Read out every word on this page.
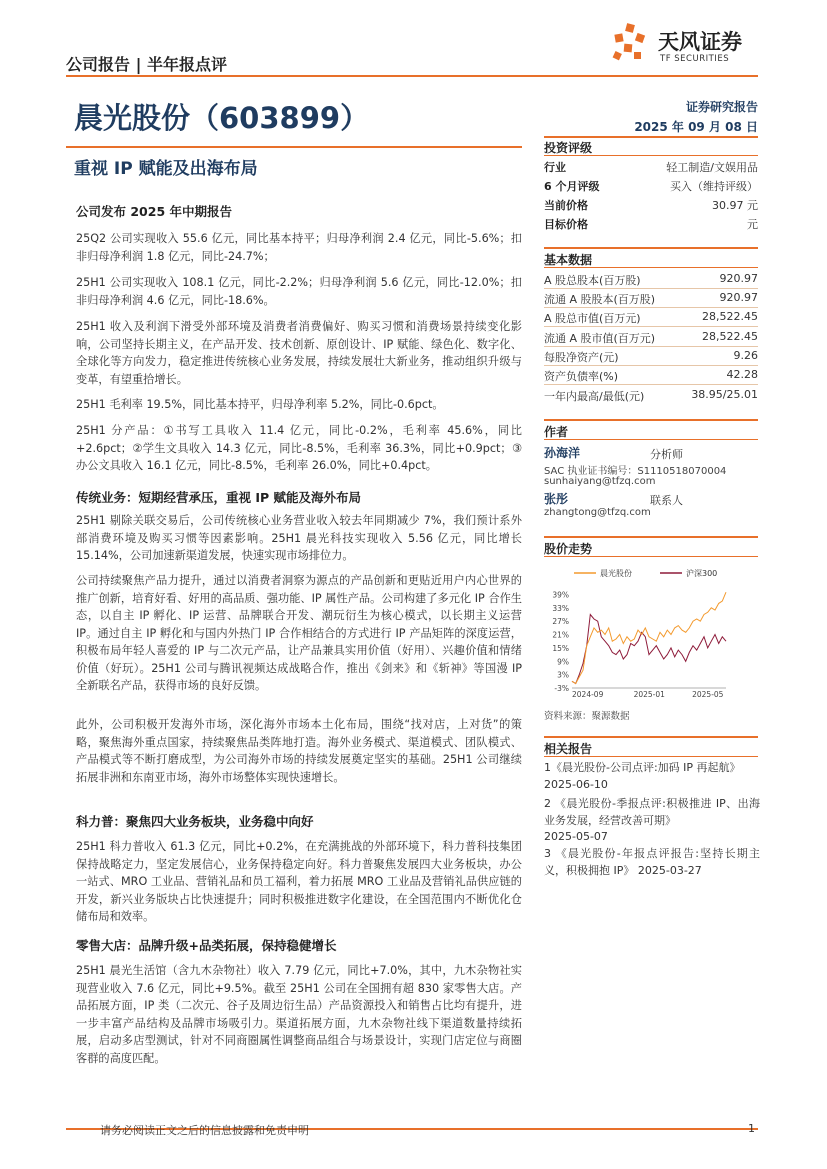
公司报告 | 半年报点评
天风证券
TF SECURITIES
晨光股份（603899）
重视 IP 赋能及出海布局
证券研究报告
2025 年 09 月 08 日
公司发布 2025 年中期报告
25Q2 公司实现收入 55.6 亿元，同比基本持平；归母净利润 2.4 亿元，同比-5.6%；扣非归母净利润 1.8 亿元，同比-24.7%；
25H1 公司实现收入 108.1 亿元，同比-2.2%；归母净利润 5.6 亿元，同比-12.0%；扣非归母净利润 4.6 亿元，同比-18.6%。
25H1 收入及利润下滑受外部环境及消费者消费偏好、购买习惯和消费场景持续变化影响，公司坚持长期主义，在产品开发、技术创新、原创设计、IP 赋能、绿色化、数字化、全球化等方向发力，稳定推进传统核心业务发展，持续发展壮大新业务，推动组织升级与变革，有望重拾增长。
25H1 毛利率 19.5%，同比基本持平，归母净利率 5.2%，同比-0.6pct。
25H1 分产品：①书写工具收入 11.4 亿元，同比-0.2%，毛利率 45.6%，同比+2.6pct；②学生文具收入 14.3 亿元，同比-8.5%，毛利率 36.3%，同比+0.9pct；③办公文具收入 16.1 亿元，同比-8.5%，毛利率 26.0%，同比+0.4pct。
传统业务：短期经营承压，重视 IP 赋能及海外布局
25H1 剔除关联交易后，公司传统核心业务营业收入较去年同期减少 7%，我们预计系外部消费环境及购买习惯等因素影响。25H1 晨光科技实现收入 5.56 亿元，同比增长 15.14%，公司加速新渠道发展，快速实现市场排位力。
公司持续聚焦产品力提升，通过以消费者洞察为源点的产品创新和更贴近用户内心世界的推广创新，培育好看、好用的高品质、强功能、IP 属性产品。公司构建了多元化 IP 合作生态，以自主 IP 孵化、IP 运营、品牌联合开发、潮玩衍生为核心模式，以长期主义运营 IP。通过自主 IP 孵化和与国内外热门 IP 合作相结合的方式进行 IP 产品矩阵的深度运营，积极布局年轻人喜爱的 IP 与二次元产品，让产品兼具实用价值（好用）、兴趣价值和情绪价值（好玩）。25H1 公司与腾讯视频达成战略合作，推出《剑来》和《斩神》等国漫 IP 全新联名产品，获得市场的良好反馈。
此外，公司积极开发海外市场，深化海外市场本土化布局，围绕“找对店，上对货”的策略，聚焦海外重点国家，持续聚焦品类阵地打造。海外业务模式、渠道模式、团队模式、产品模式等不断打磨成型，为公司海外市场的持续发展奠定坚实的基础。25H1 公司继续拓展非洲和东南亚市场，海外市场整体实现快速增长。
科力普：聚焦四大业务板块，业务稳中向好
25H1 科力普收入 61.3 亿元，同比+0.2%，在充满挑战的外部环境下，科力普科技集团保持战略定力，坚定发展信心，业务保持稳定向好。科力普聚焦发展四大业务板块，办公一站式、MRO 工业品、营销礼品和员工福利，着力拓展 MRO 工业品及营销礼品供应链的开发，新兴业务版块占比快速提升；同时积极推进数字化建设，在全国范围内不断优化仓储布局和效率。
零售大店：品牌升级+品类拓展，保持稳健增长
25H1 晨光生活馆（含九木杂物社）收入 7.79 亿元，同比+7.0%，其中，九木杂物社实现营业收入 7.6 亿元，同比+9.5%。截至 25H1 公司在全国拥有超 830 家零售大店。产品拓展方面，IP 类（二次元、谷子及周边衍生品）产品资源投入和销售占比均有提升，进一步丰富产品结构及品牌市场吸引力。渠道拓展方面，九木杂物社线下渠道数量持续拓展，启动多店型测试，针对不同商圈属性调整商品组合与场景设计，实现门店定位与商圈客群的高度匹配。
投资评级
行业	轻工制造/文娱用品
6 个月评级	买入（维持评级）
当前价格	30.97 元
目标价格	元
基本数据
A 股总股本(百万股)	920.97
流通 A 股股本(百万股)	920.97
A 股总市值(百万元)	28,522.45
流通 A 股市值(百万元)	28,522.45
每股净资产(元)	9.26
资产负债率(%)	42.28
一年内最高/最低(元)	38.95/25.01
作者
孙海洋	分析师
SAC 执业证书编号：S1110518070004
sunhaiyang@tfzq.com
张彤	联系人
zhangtong@tfzq.com
股价走势
39%
33%
27%
21%
15%
9%
3%
-3%
2024-09	2025-01	2025-05
晨光股份	沪深300
资料来源：聚源数据
相关报告
1《晨光股份-公司点评:加码 IP 再起航》
2025-06-10
2 《晨光股份-季报点评:积极推进 IP、出海业务发展，经营改善可期》
2025-05-07
3 《晨光股份-年报点评报告:坚持长期主义，积极拥抱 IP》 2025-03-27
请务必阅读正文之后的信息披露和免责申明	1
